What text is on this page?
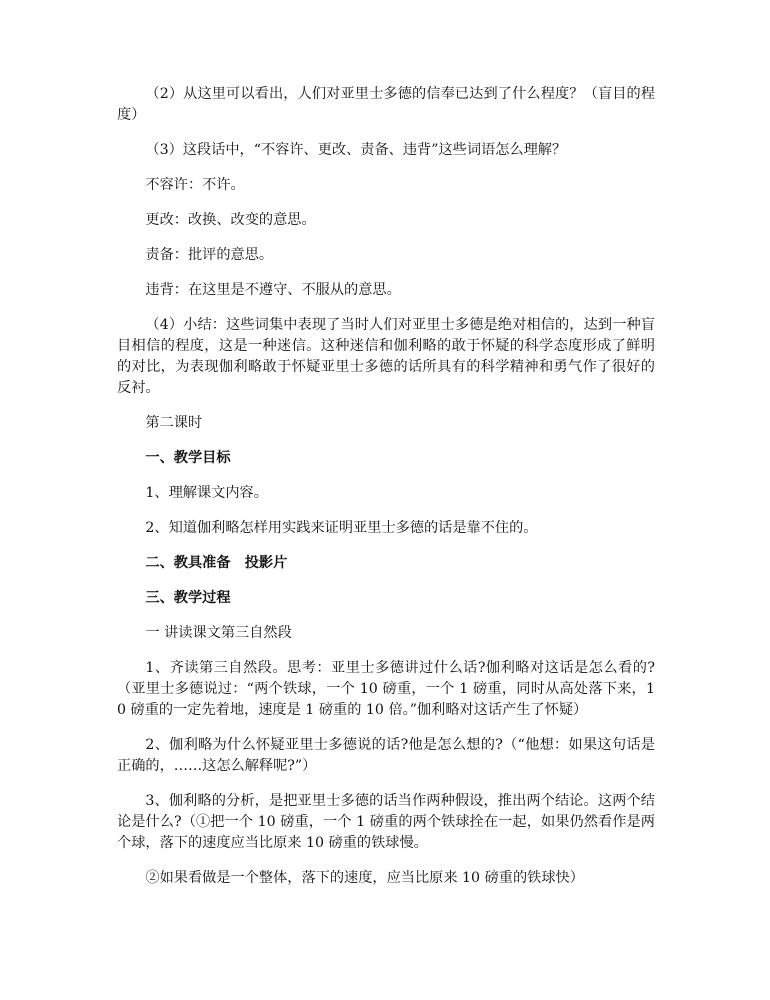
（2）从这里可以看出，人们对亚里士多德的信奉已达到了什么程度？（盲目的程度）

（3）这段话中，“不容许、更改、责备、违背”这些词语怎么理解？

不容许：不许。

更改：改换、改变的意思。

责备：批评的意思。

违背：在这里是不遵守、不服从的意思。

（4）小结：这些词集中表现了当时人们对亚里士多德是绝对相信的，达到一种盲目相信的程度，这是一种迷信。这种迷信和伽利略的敢于怀疑的科学态度形成了鲜明的对比，为表现伽利略敢于怀疑亚里士多德的话所具有的科学精神和勇气作了很好的反衬。

第二课时

一、教学目标

1、理解课文内容。

2、知道伽利略怎样用实践来证明亚里士多德的话是靠不住的。

二、教具准备　投影片

三、教学过程

一 讲读课文第三自然段

1、齐读第三自然段。思考：亚里士多德讲过什么话?伽利略对这话是怎么看的?（亚里士多德说过：“两个铁球，一个 10 磅重，一个 1 磅重，同时从高处落下来，10 磅重的一定先着地，速度是 1 磅重的 10 倍。”伽利略对这话产生了怀疑）

2、伽利略为什么怀疑亚里士多德说的话?他是怎么想的?（“他想：如果这句话是正确的，……这怎么解释呢?”）

3、伽利略的分析，是把亚里士多德的话当作两种假设，推出两个结论。这两个结论是什么?（①把一个 10 磅重，一个 1 磅重的两个铁球拴在一起，如果仍然看作是两个球，落下的速度应当比原来 10 磅重的铁球慢。

②如果看做是一个整体，落下的速度，应当比原来 10 磅重的铁球快）
